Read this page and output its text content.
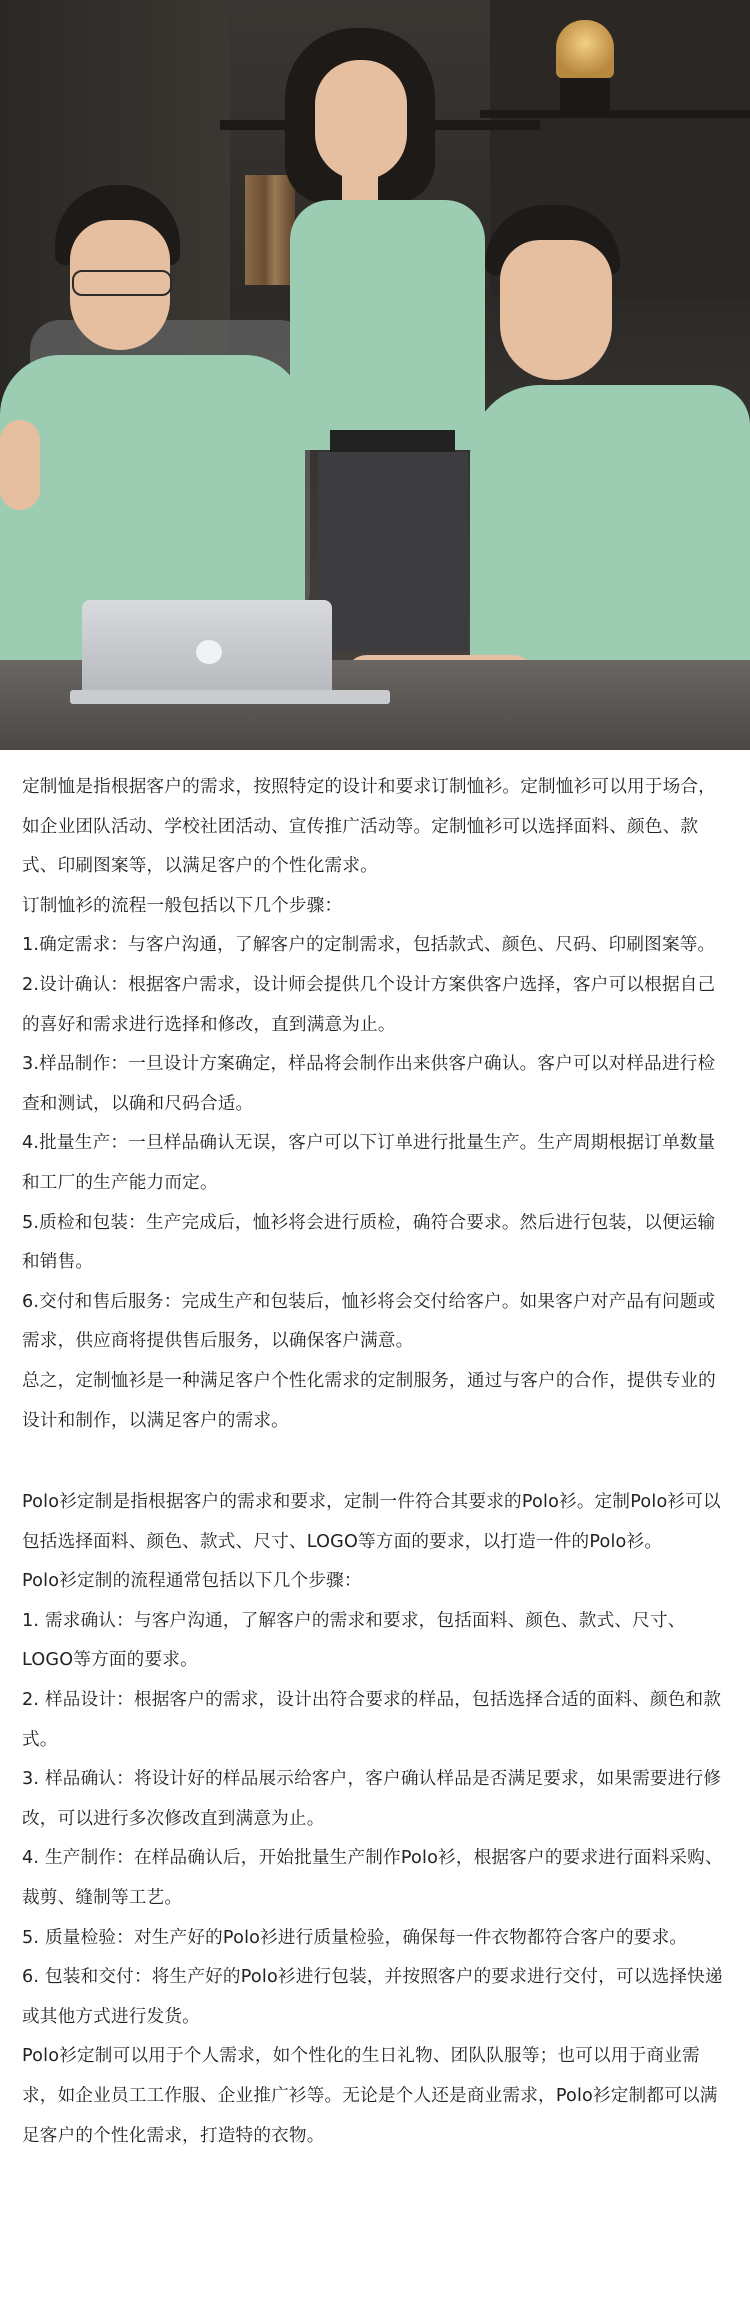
定制恤是指根据客户的需求，按照特定的设计和要求订制恤衫。定制恤衫可以用于场合，如企业团队活动、学校社团活动、宣传推广活动等。定制恤衫可以选择面料、颜色、款式、印刷图案等，以满足客户的个性化需求。

订制恤衫的流程一般包括以下几个步骤：

1.确定需求：与客户沟通，了解客户的定制需求，包括款式、颜色、尺码、印刷图案等。

2.设计确认：根据客户需求，设计师会提供几个设计方案供客户选择，客户可以根据自己的喜好和需求进行选择和修改，直到满意为止。

3.样品制作：一旦设计方案确定，样品将会制作出来供客户确认。客户可以对样品进行检查和测试，以确和尺码合适。

4.批量生产：一旦样品确认无误，客户可以下订单进行批量生产。生产周期根据订单数量和工厂的生产能力而定。

5.质检和包装：生产完成后，恤衫将会进行质检，确符合要求。然后进行包装，以便运输和销售。

6.交付和售后服务：完成生产和包装后，恤衫将会交付给客户。如果客户对产品有问题或需求，供应商将提供售后服务，以确保客户满意。

总之，定制恤衫是一种满足客户个性化需求的定制服务，通过与客户的合作，提供专业的设计和制作，以满足客户的需求。

Polo衫定制是指根据客户的需求和要求，定制一件符合其要求的Polo衫。定制Polo衫可以包括选择面料、颜色、款式、尺寸、LOGO等方面的要求，以打造一件的Polo衫。

Polo衫定制的流程通常包括以下几个步骤：

1. 需求确认：与客户沟通，了解客户的需求和要求，包括面料、颜色、款式、尺寸、LOGO等方面的要求。

2. 样品设计：根据客户的需求，设计出符合要求的样品，包括选择合适的面料、颜色和款式。

3. 样品确认：将设计好的样品展示给客户，客户确认样品是否满足要求，如果需要进行修改，可以进行多次修改直到满意为止。

4. 生产制作：在样品确认后，开始批量生产制作Polo衫，根据客户的要求进行面料采购、裁剪、缝制等工艺。

5. 质量检验：对生产好的Polo衫进行质量检验，确保每一件衣物都符合客户的要求。

6. 包装和交付：将生产好的Polo衫进行包装，并按照客户的要求进行交付，可以选择快递或其他方式进行发货。

Polo衫定制可以用于个人需求，如个性化的生日礼物、团队队服等；也可以用于商业需求，如企业员工工作服、企业推广衫等。无论是个人还是商业需求，Polo衫定制都可以满足客户的个性化需求，打造特的衣物。
